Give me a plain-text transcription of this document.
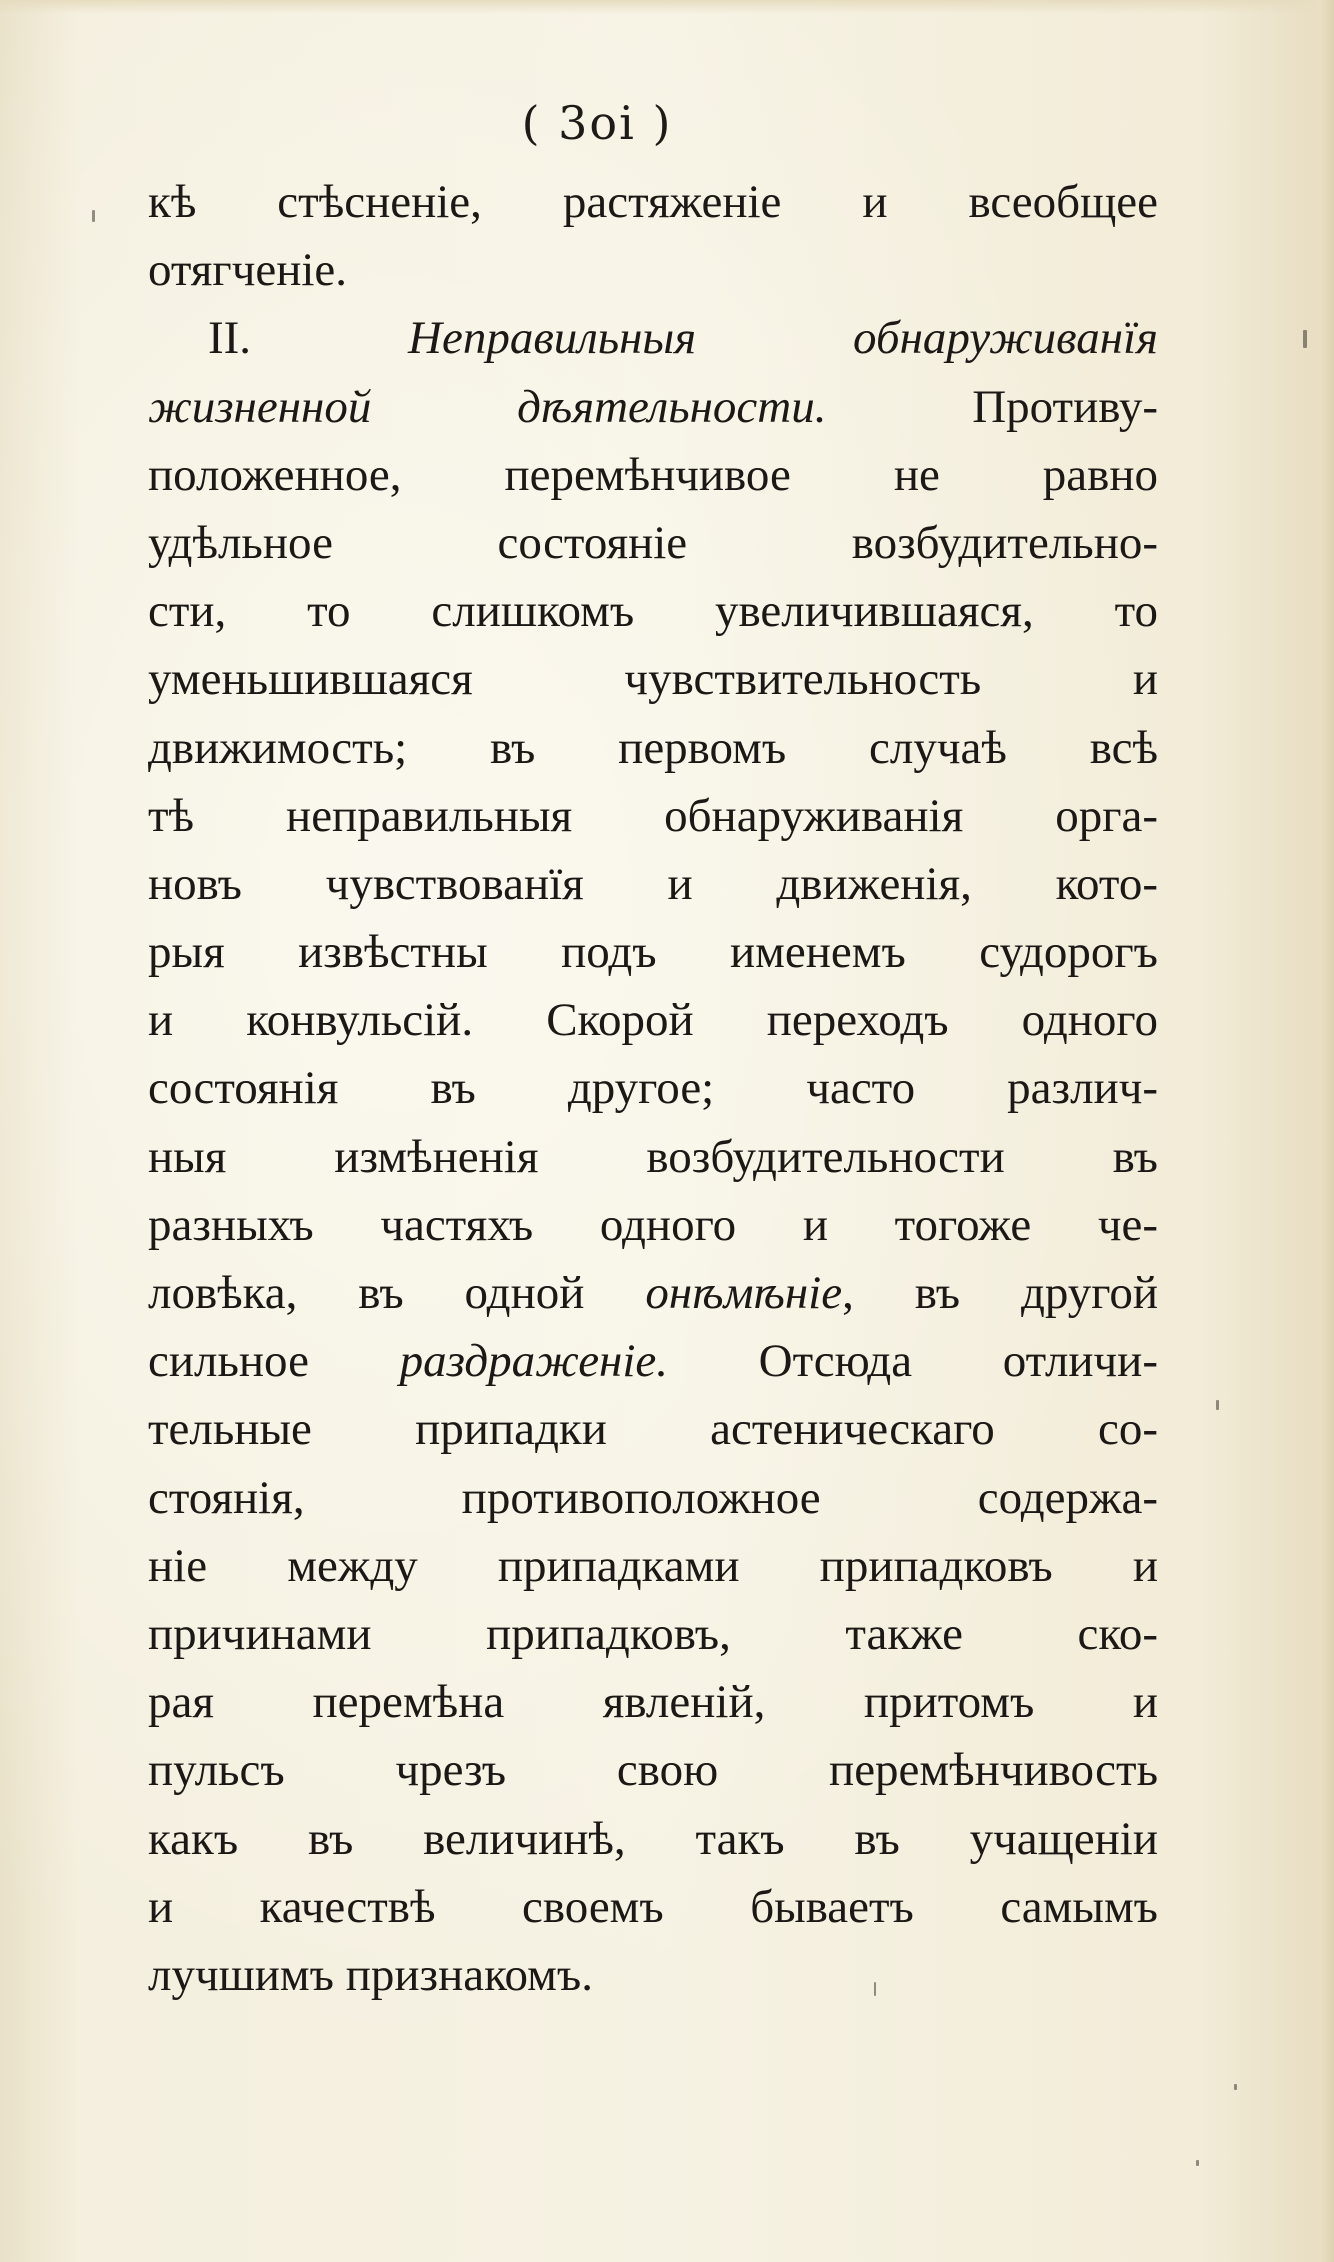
( 3oi )
кѣ стѣсненіе, растяженіе и всеобщее
отягченіе.
II. Неправильныя обнаруживанїя
жизненной дѣятельности. Противу-
положенное, перемѣнчивое не равно
удѣльное состояніе возбудительно-
сти, то слишкомъ увеличившаяся, то
уменьшившаяся чувствительность и
движимость; въ первомъ случаѣ всѣ
тѣ неправильныя обнаруживанія орга-
новъ чувствованїя и движенія, кото-
рыя извѣстны подъ именемъ судорогъ
и конвульсій. Скорой переходъ одного
состоянія въ другое; часто различ-
ныя измѣненія возбудительности въ
разныхъ частяхъ одного и тогоже че-
ловѣка, въ одной онѣмѣніе, въ другой
сильное раздраженіе. Отсюда отличи-
тельные припадки астеническаго со-
стоянія, противоположное содержа-
ніе между припадками припадковъ и
причинами припадковъ, также ско-
рая перемѣна явленій, притомъ и
пульсъ чрезъ свою перемѣнчивость
какъ въ величинѣ, такъ въ учащеніи
и качествѣ своемъ бываетъ самымъ
лучшимъ признакомъ.
